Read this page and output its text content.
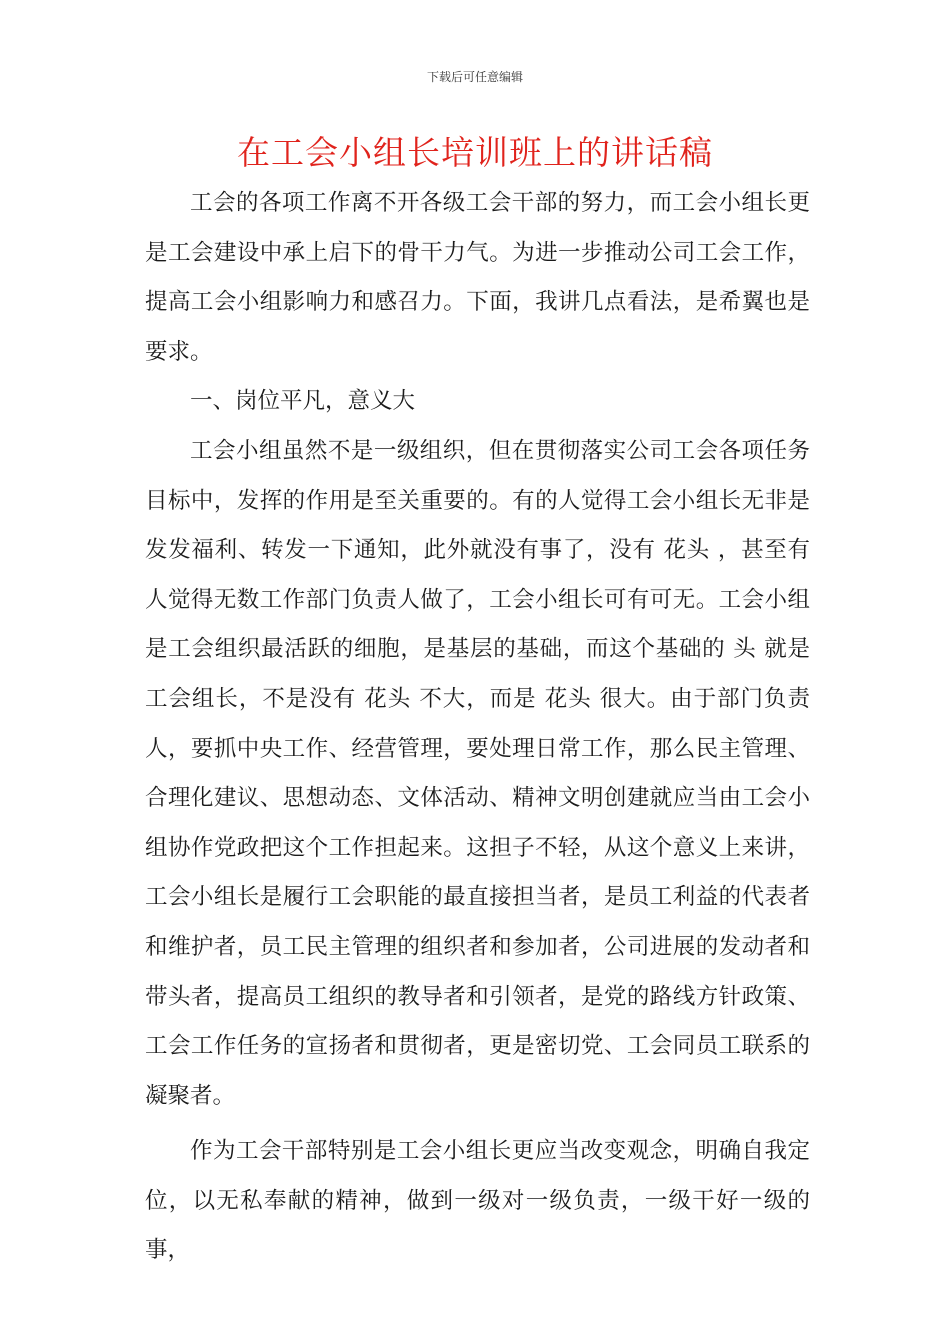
下载后可任意编辑
在工会小组长培训班上的讲话稿

工会的各项工作离不开各级工会干部的努力，而工会小组长更是工会建设中承上启下的骨干力气。为进一步推动公司工会工作，提高工会小组影响力和感召力。下面，我讲几点看法，是希翼也是要求。

一、岗位平凡，意义大

工会小组虽然不是一级组织，但在贯彻落实公司工会各项任务目标中，发挥的作用是至关重要的。有的人觉得工会小组长无非是发发福利、转发一下通知，此外就没有事了，没有 花头 ，甚至有人觉得无数工作部门负责人做了，工会小组长可有可无。工会小组是工会组织最活跃的细胞，是基层的基础，而这个基础的 头 就是工会组长，不是没有 花头 不大，而是 花头 很大。由于部门负责人，要抓中央工作、经营管理，要处理日常工作，那么民主管理、合理化建议、思想动态、文体活动、精神文明创建就应当由工会小组协作党政把这个工作担起来。这担子不轻，从这个意义上来讲，工会小组长是履行工会职能的最直接担当者，是员工利益的代表者和维护者，员工民主管理的组织者和参加者，公司进展的发动者和带头者，提高员工组织的教导者和引领者，是党的路线方针政策、工会工作任务的宣扬者和贯彻者，更是密切党、工会同员工联系的凝聚者。

作为工会干部特别是工会小组长更应当改变观念，明确自我定位，以无私奉献的精神，做到一级对一级负责，一级干好一级的事，
